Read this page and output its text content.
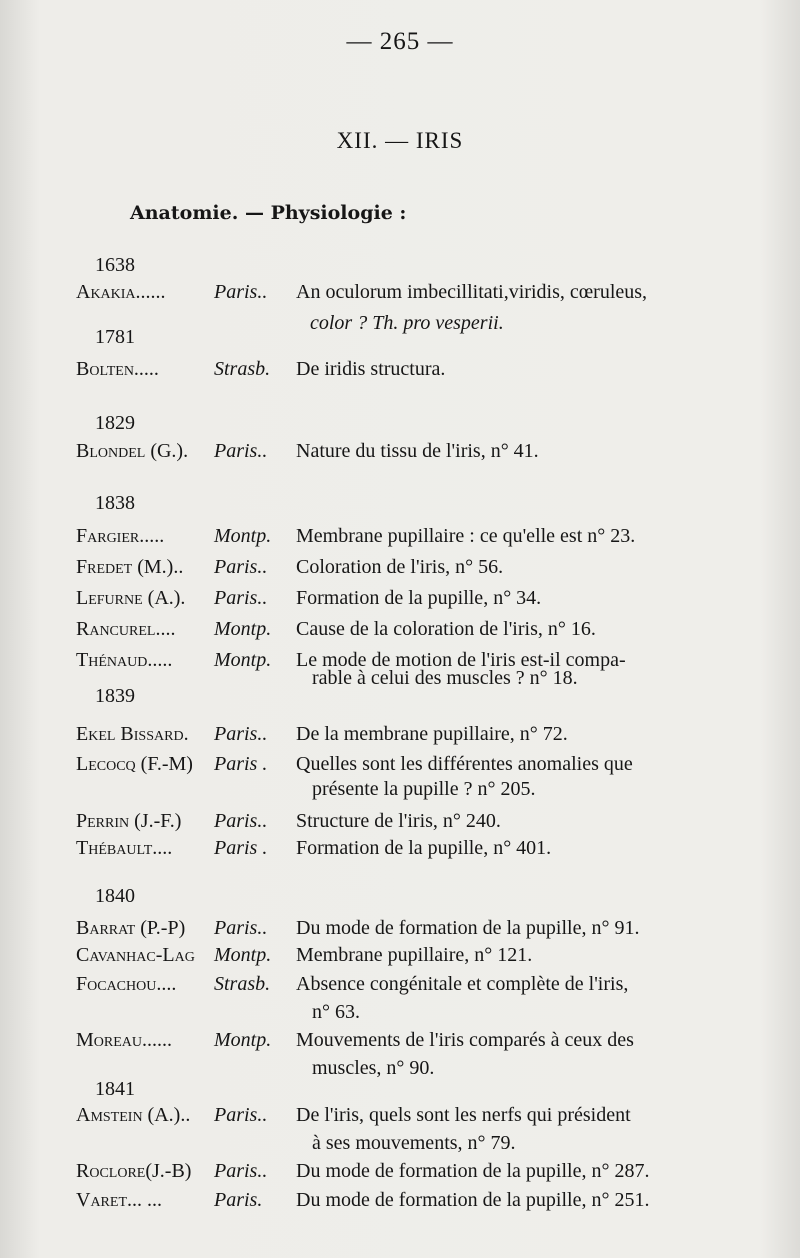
— 265 —
XII. — IRIS
Anatomie. — Physiologie :
1638
Akakia...... Paris.. An oculorum imbecillitati,viridis, cœruleus,
color ? Th. pro vesperii.
1781
Bolten.....	Strasb. De iridis structura.
1829
Blondel (G.). Paris.. Nature du tissu de l'iris, n° 41.
1838
Fargier..... Montp. Membrane pupillaire : ce qu'elle est n° 23.
Fredet (M.).. Paris.. Coloration de l'iris, n° 56.
Lefurne (A.). Paris.. Formation de la pupille, n° 34.
Rancurel.... Montp. Cause de la coloration de l'iris, n° 16.
Thénaud..... Montp. Le mode de motion de l'iris est-il compa-
rable à celui des muscles ? n° 18.
1839
Ekel Bissard. Paris.. De la membrane pupillaire, n° 72.
Lecocq (F.-M) Paris . Quelles sont les différentes anomalies que
présente la pupille ? n° 205.
Perrin (J.-F.) Paris.. Structure de l'iris, n° 240.
Thébault.... Paris . Formation de la pupille, n° 401.
1840
Barrat (P.-P) Paris.. Du mode de formation de la pupille, n° 91.
Cavanhac-Lag Montp. Membrane pupillaire, n° 121.
Focachou.... Strasb. Absence congénitale et complète de l'iris,
n° 63.
Moreau...... Montp. Mouvements de l'iris comparés à ceux des
muscles, n° 90.
1841
Amstein (A.).. Paris.. De l'iris, quels sont les nerfs qui président
à ses mouvements, n° 79.
Roclore(J.-B) Paris.. Du mode de formation de la pupille, n° 287.
Varet... ...	Paris. Du mode de formation de la pupille, n° 251.
